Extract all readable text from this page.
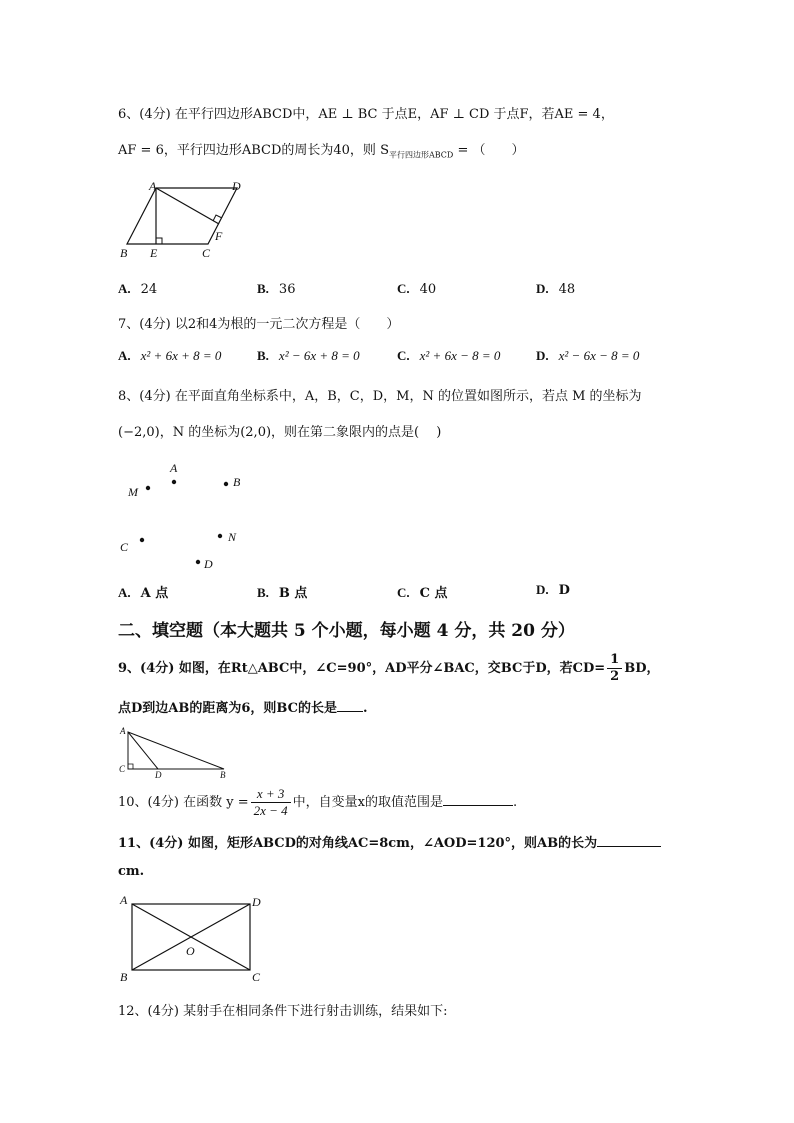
6、(4分) 在平行四边形ABCD中，AE ⊥ BC 于点E，AF ⊥ CD 于点F，若AE = 4，
AF = 6，平行四边形ABCD的周长为40，则 $S_{平行四边形ABCD}$ = （　　）
A	D
B E	C
F
A. 24	B. 36	C. 40	D. 48
7、(4分) 以2和4为根的一元二次方程是（　　）
A. x² + 6x + 8 = 0	B. x² − 6x + 8 = 0	C. x² + 6x − 8 = 0	D. x² − 6x − 8 = 0
8、(4分) 在平面直角坐标系中，A，B，C，D，M，N 的位置如图所示，若点 M 的坐标为
(−2,0)，N 的坐标为(2,0)，则在第二象限内的点是(　 )
A
B
M
C
N
D
A. A 点	B. B 点	C. C 点	D. D
二、填空题（本大题共 5 个小题，每小题 4 分，共 20 分）
9、(4分) 如图，在Rt△ABC中，∠C=90°，AD平分∠BAC，交BC于D，若$CD= \frac{1}{2}$ BD，
点D到边AB的距离为6，则BC的长是 .
A
C
D	B
10、(4分) 在函数 $y = \frac{x + 3}{2x - 4}$ 中，自变量x的取值范围是	.
11、(4分) 如图，矩形ABCD的对角线AC=8cm，∠AOD=120°，则AB的长为
cm.
A	D
O
B	C
12、(4分) 某射手在相同条件下进行射击训练，结果如下:
